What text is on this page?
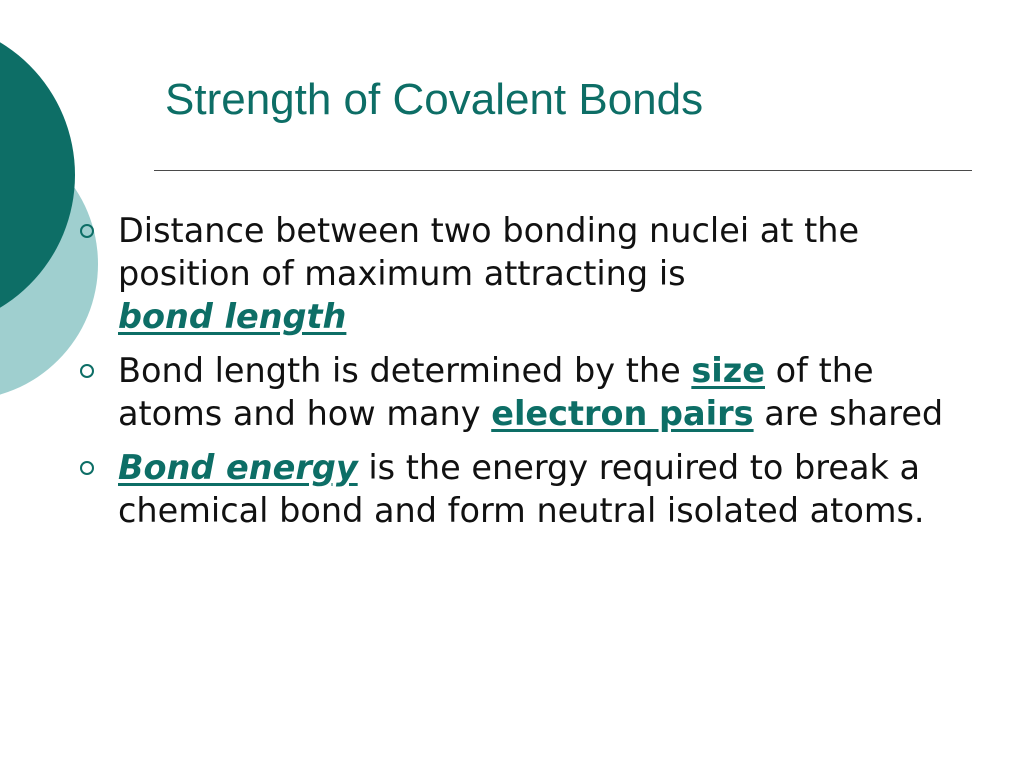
Strength of Covalent Bonds
Distance between two bonding nuclei at the position of maximum attracting is
bond length
Bond length is determined by the size of the atoms and how many electron pairs are shared
Bond energy is the energy required to break a chemical bond and form neutral isolated atoms.
